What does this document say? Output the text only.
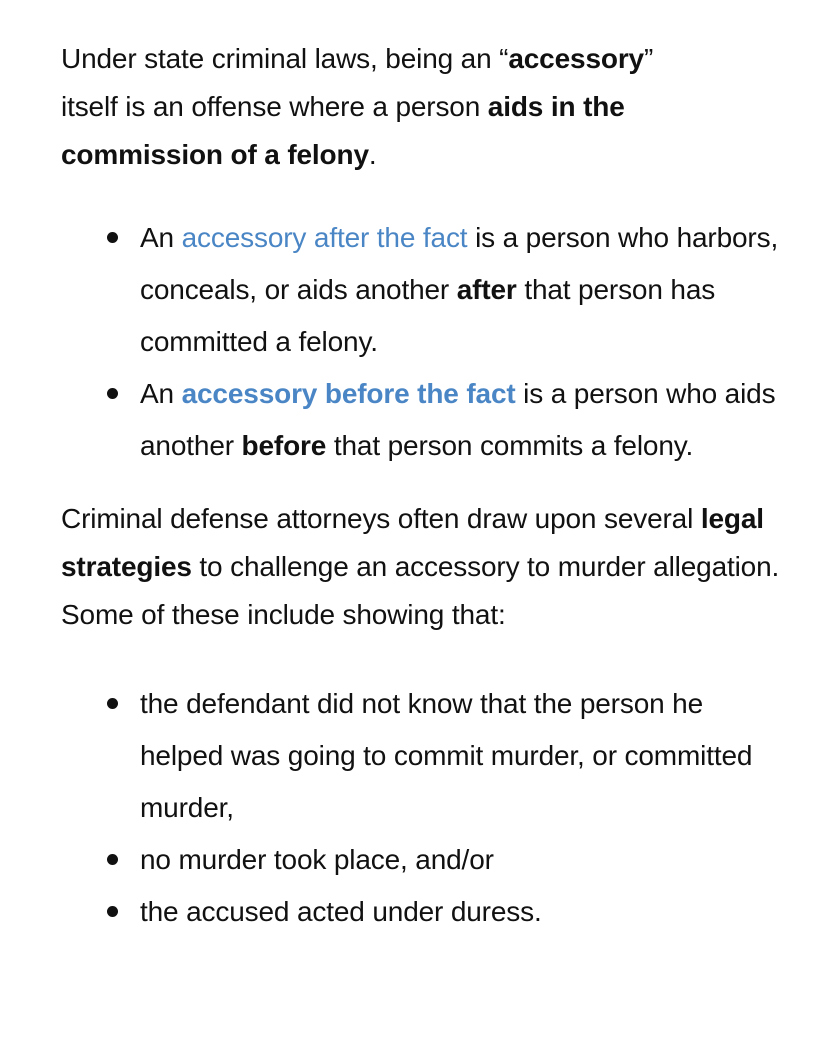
Under state criminal laws, being an “accessory” itself is an offense where a person aids in the commission of a felony.

An accessory after the fact is a person who harbors, conceals, or aids another after that person has committed a felony.
An accessory before the fact is a person who aids another before that person commits a felony.

Criminal defense attorneys often draw upon several legal strategies to challenge an accessory to murder allegation. Some of these include showing that:

the defendant did not know that the person he helped was going to commit murder, or committed murder,
no murder took place, and/or
the accused acted under duress.
